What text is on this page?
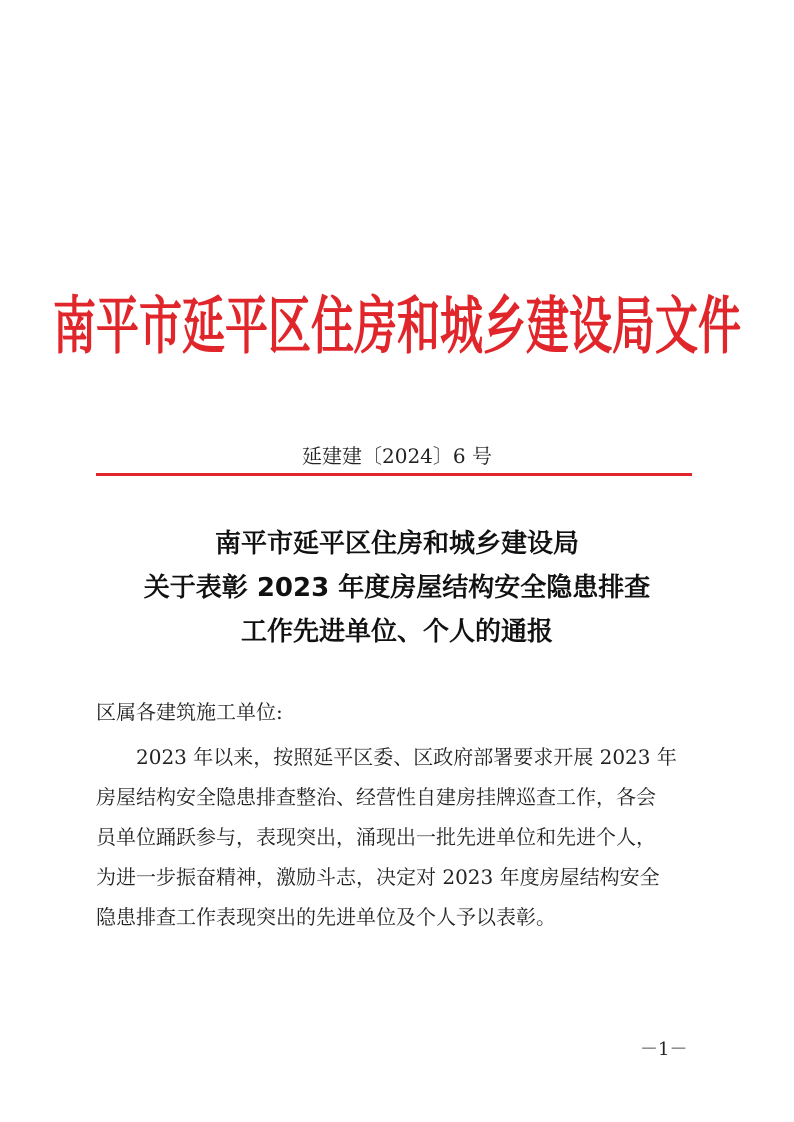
南平市延平区住房和城乡建设局文件
延建建〔2024〕6 号
南平市延平区住房和城乡建设局
关于表彰 2023 年度房屋结构安全隐患排查
工作先进单位、个人的通报
区属各建筑施工单位:
2023 年以来，按照延平区委、区政府部署要求开展 2023 年
房屋结构安全隐患排查整治、经营性自建房挂牌巡查工作，各会
员单位踊跃参与，表现突出，涌现出一批先进单位和先进个人，
为进一步振奋精神，激励斗志，决定对 2023 年度房屋结构安全
隐患排查工作表现突出的先进单位及个人予以表彰。
－1－
